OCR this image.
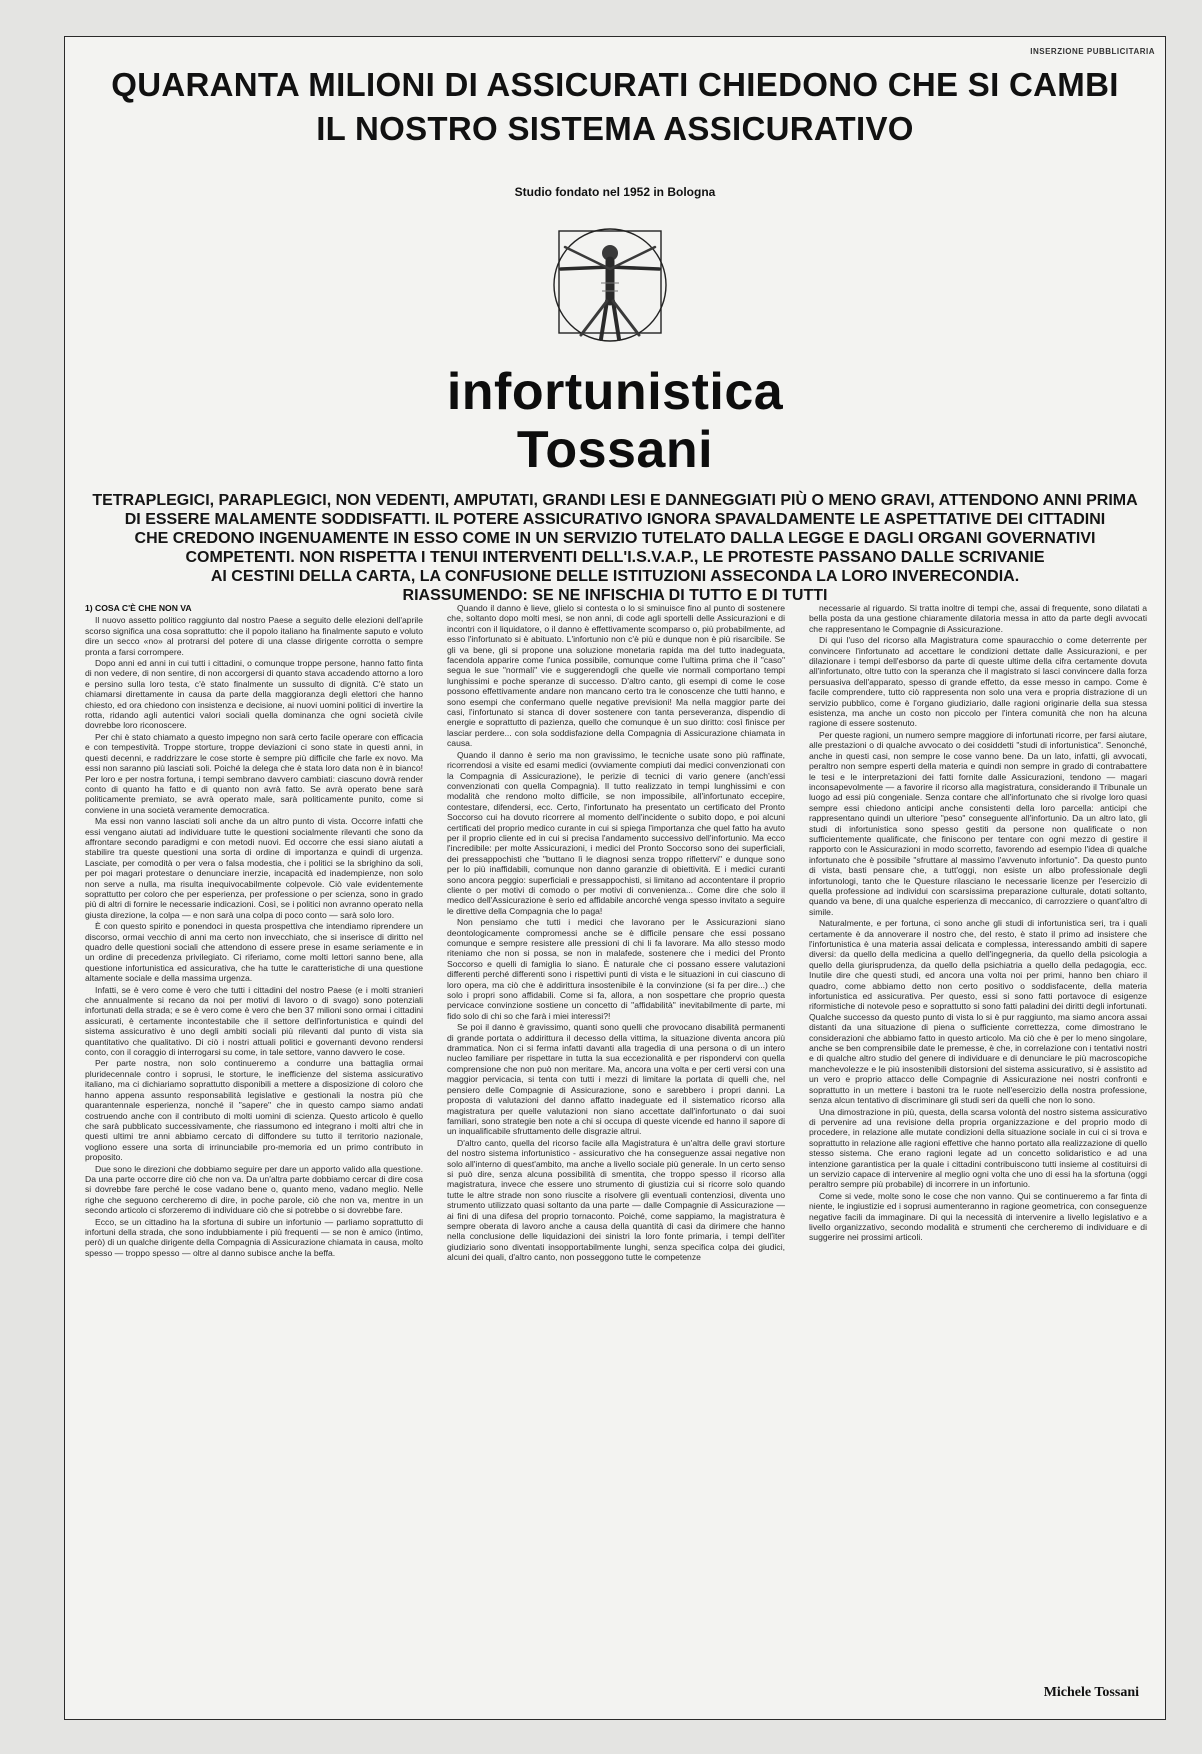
INSERZIONE PUBBLICITARIA
QUARANTA MILIONI DI ASSICURATI CHIEDONO CHE SI CAMBI
IL NOSTRO SISTEMA ASSICURATIVO
Studio fondato nel 1952 in Bologna
infortunistica
Tossani

TETRAPLEGICI, PARAPLEGICI, NON VEDENTI, AMPUTATI, GRANDI LESI E DANNEGGIATI PIÙ O MENO GRAVI, ATTENDONO ANNI PRIMA

DI ESSERE MALAMENTE SODDISFATTI. IL POTERE ASSICURATIVO IGNORA SPAVALDAMENTE LE ASPETTATIVE DEI CITTADINI

CHE CREDONO INGENUAMENTE IN ESSO COME IN UN SERVIZIO TUTELATO DALLA LEGGE E DAGLI ORGANI GOVERNATIVI

COMPETENTI. NON RISPETTA I TENUI INTERVENTI DELL'I.S.V.A.P., LE PROTESTE PASSANO DALLE SCRIVANIE

AI CESTINI DELLA CARTA, LA CONFUSIONE DELLE ISTITUZIONI ASSECONDA LA LORO INVERECONDIA.

RIASSUMENDO: SE NE INFISCHIA DI TUTTO E DI TUTTI

1) COSA C'È CHE NON VA

Il nuovo assetto politico raggiunto dal nostro Paese a seguito delle elezioni dell'aprile scorso significa una cosa soprattutto: che il popolo italiano ha finalmente saputo e voluto dire un secco «no» al protrarsi del potere di una classe dirigente corrotta o sempre pronta a farsi corrompere.

Dopo anni ed anni in cui tutti i cittadini, o comunque troppe persone, hanno fatto finta di non vedere, di non sentire, di non accorgersi di quanto stava accadendo attorno a loro e persino sulla loro testa, c'è stato finalmente un sussulto di dignità. C'è stato un chiamarsi direttamente in causa da parte della maggioranza degli elettori che hanno chiesto, ed ora chiedono con insistenza e decisione, ai nuovi uomini politici di invertire la rotta, ridando agli autentici valori sociali quella dominanza che ogni società civile dovrebbe loro riconoscere.

Per chi è stato chiamato a questo impegno non sarà certo facile operare con efficacia e con tempestività. Troppe storture, troppe deviazioni ci sono state in questi anni, in questi decenni, e raddrizzare le cose storte è sempre più difficile che farle ex novo. Ma essi non saranno più lasciati soli. Poiché la delega che è stata loro data non è in bianco! Per loro e per nostra fortuna, i tempi sembrano davvero cambiati: ciascuno dovrà render conto di quanto ha fatto e di quanto non avrà fatto. Se avrà operato bene sarà politicamente premiato, se avrà operato male, sarà politicamente punito, come si conviene in una società veramente democratica.

Ma essi non vanno lasciati soli anche da un altro punto di vista. Occorre infatti che essi vengano aiutati ad individuare tutte le questioni socialmente rilevanti che sono da affrontare secondo paradigmi e con metodi nuovi. Ed occorre che essi siano aiutati a stabilire tra queste questioni una sorta di ordine di importanza e quindi di urgenza. Lasciate, per comodità o per vera o falsa modestia, che i politici se la sbrighino da soli, per poi magari protestare o denunciare inerzie, incapacità ed inadempienze, non solo non serve a nulla, ma risulta inequivocabilmente colpevole. Ciò vale evidentemente soprattutto per coloro che per esperienza, per professione o per scienza, sono in grado più di altri di fornire le necessarie indicazioni. Così, se i politici non avranno operato nella giusta direzione, la colpa — e non sarà una colpa di poco conto — sarà solo loro.

È con questo spirito e ponendoci in questa prospettiva che intendiamo riprendere un discorso, ormai vecchio di anni ma certo non invecchiato, che si inserisce di diritto nel quadro delle questioni sociali che attendono di essere prese in esame seriamente e in un ordine di precedenza privilegiato. Ci riferiamo, come molti lettori sanno bene, alla questione infortunistica ed assicurativa, che ha tutte le caratteristiche di una questione altamente sociale e della massima urgenza.

Infatti, se è vero come è vero che tutti i cittadini del nostro Paese (e i molti stranieri che annualmente si recano da noi per motivi di lavoro o di svago) sono potenziali infortunati della strada; e se è vero come è vero che ben 37 milioni sono ormai i cittadini assicurati, è certamente incontestabile che il settore dell'infortunistica e quindi del sistema assicurativo è uno degli ambiti sociali più rilevanti dal punto di vista sia quantitativo che qualitativo. Di ciò i nostri attuali politici e governanti devono rendersi conto, con il coraggio di interrogarsi su come, in tale settore, vanno davvero le cose.

Per parte nostra, non solo continueremo a condurre una battaglia ormai pluridecennale contro i soprusi, le storture, le inefficienze del sistema assicurativo italiano, ma ci dichiariamo soprattutto disponibili a mettere a disposizione di coloro che hanno appena assunto responsabilità legislative e gestionali la nostra più che quarantennale esperienza, nonché il "sapere" che in questo campo siamo andati costruendo anche con il contributo di molti uomini di scienza. Questo articolo è quello che sarà pubblicato successivamente, che riassumono ed integrano i molti altri che in questi ultimi tre anni abbiamo cercato di diffondere su tutto il territorio nazionale, vogliono essere una sorta di irrinunciabile pro-memoria ed un primo contributo in proposito.

Due sono le direzioni che dobbiamo seguire per dare un apporto valido alla questione. Da una parte occorre dire ciò che non va. Da un'altra parte dobbiamo cercar di dire cosa si dovrebbe fare perché le cose vadano bene o, quanto meno, vadano meglio. Nelle righe che seguono cercheremo di dire, in poche parole, ciò che non va, mentre in un secondo articolo ci sforzeremo di individuare ciò che si potrebbe o si dovrebbe fare.

Ecco, se un cittadino ha la sfortuna di subire un infortunio — parliamo soprattutto di infortuni della strada, che sono indubbiamente i più frequenti — se non è amico (intimo, però) di un qualche dirigente della Compagnia di Assicurazione chiamata in causa, molto spesso — troppo spesso — oltre al danno subisce anche la beffa.

Quando il danno è lieve, glielo si contesta o lo si sminuisce fino al punto di sostenere che, soltanto dopo molti mesi, se non anni, di code agli sportelli delle Assicurazioni e di incontri con il liquidatore, o il danno è effettivamente scomparso o, più probabilmente, ad esso l'infortunato si è abituato. L'infortunio non c'è più e dunque non è più risarcibile. Se gli va bene, gli si propone una soluzione monetaria rapida ma del tutto inadeguata, facendola apparire come l'unica possibile, comunque come l'ultima prima che il "caso" segua le sue "normali" vie e suggerendogli che quelle vie normali comportano tempi lunghissimi e poche speranze di successo. D'altro canto, gli esempi di come le cose possono effettivamente andare non mancano certo tra le conoscenze che tutti hanno, e sono esempi che confermano quelle negative previsioni! Ma nella maggior parte dei casi, l'infortunato si stanca di dover sostenere con tanta perseveranza, dispendio di energie e soprattutto di pazienza, quello che comunque è un suo diritto: così finisce per lasciar perdere... con sola soddisfazione della Compagnia di Assicurazione chiamata in causa.

Quando il danno è serio ma non gravissimo, le tecniche usate sono più raffinate, ricorrendosi a visite ed esami medici (ovviamente compiuti dai medici convenzionati con la Compagnia di Assicurazione), le perizie di tecnici di vario genere (anch'essi convenzionati con quella Compagnia). Il tutto realizzato in tempi lunghissimi e con modalità che rendono molto difficile, se non impossibile, all'infortunato eccepire, contestare, difendersi, ecc. Certo, l'infortunato ha presentato un certificato del Pronto Soccorso cui ha dovuto ricorrere al momento dell'incidente o subito dopo, e poi alcuni certificati del proprio medico curante in cui si spiega l'importanza che quel fatto ha avuto per il proprio cliente ed in cui si precisa l'andamento successivo dell'infortunio. Ma ecco l'incredibile: per molte Assicurazioni, i medici del Pronto Soccorso sono dei superficiali, dei pressappochisti che "buttano lì le diagnosi senza troppo riflettervi" e dunque sono per lo più inaffidabili, comunque non danno garanzie di obiettività. E i medici curanti sono ancora peggio: superficiali e pressappochisti, si limitano ad accontentare il proprio cliente o per motivi di comodo o per motivi di convenienza... Come dire che solo il medico dell'Assicurazione è serio ed affidabile ancorché venga spesso invitato a seguire le direttive della Compagnia che lo paga!

Non pensiamo che tutti i medici che lavorano per le Assicurazioni siano deontologicamente compromessi anche se è difficile pensare che essi possano comunque e sempre resistere alle pressioni di chi li fa lavorare. Ma allo stesso modo riteniamo che non si possa, se non in malafede, sostenere che i medici del Pronto Soccorso e quelli di famiglia lo siano. È naturale che ci possano essere valutazioni differenti perché differenti sono i rispettivi punti di vista e le situazioni in cui ciascuno di loro opera, ma ciò che è addirittura insostenibile è la convinzione (si fa per dire...) che solo i propri sono affidabili. Come si fa, allora, a non sospettare che proprio questa pervicace convinzione sostiene un concetto di "affidabilità" inevitabilmente di parte, mi fido solo di chi so che farà i miei interessi?!

Se poi il danno è gravissimo, quanti sono quelli che provocano disabilità permanenti di grande portata o addirittura il decesso della vittima, la situazione diventa ancora più drammatica. Non ci si ferma infatti davanti alla tragedia di una persona o di un intero nucleo familiare per rispettare in tutta la sua eccezionalità e per rispondervi con quella comprensione che non può non meritare. Ma, ancora una volta e per certi versi con una maggior pervicacia, si tenta con tutti i mezzi di limitare la portata di quelli che, nel pensiero delle Compagnie di Assicurazione, sono e sarebbero i propri danni. La proposta di valutazioni del danno affatto inadeguate ed il sistematico ricorso alla magistratura per quelle valutazioni non siano accettate dall'infortunato o dai suoi familiari, sono strategie ben note a chi si occupa di queste vicende ed hanno il sapore di un inqualificabile sfruttamento delle disgrazie altrui.

D'altro canto, quella del ricorso facile alla Magistratura è un'altra delle gravi storture del nostro sistema infortunistico - assicurativo che ha conseguenze assai negative non solo all'interno di quest'ambito, ma anche a livello sociale più generale. In un certo senso si può dire, senza alcuna possibilità di smentita, che troppo spesso il ricorso alla magistratura, invece che essere uno strumento di giustizia cui si ricorre solo quando tutte le altre strade non sono riuscite a risolvere gli eventuali contenziosi, diventa uno strumento utilizzato quasi soltanto da una parte — dalle Compagnie di Assicurazione — ai fini di una difesa del proprio tornaconto. Poiché, come sappiamo, la magistratura è sempre oberata di lavoro anche a causa della quantità di casi da dirimere che hanno nella conclusione delle liquidazioni dei sinistri la loro fonte primaria, i tempi dell'iter giudiziario sono diventati insopportabilmente lunghi, senza specifica colpa dei giudici, alcuni dei quali, d'altro canto, non posseggono tutte le competenze

necessarie al riguardo. Si tratta inoltre di tempi che, assai di frequente, sono dilatati a bella posta da una gestione chiaramente dilatoria messa in atto da parte degli avvocati che rappresentano le Compagnie di Assicurazione.

Di qui l'uso del ricorso alla Magistratura come spauracchio o come deterrente per convincere l'infortunato ad accettare le condizioni dettate dalle Assicurazioni, e per dilazionare i tempi dell'esborso da parte di queste ultime della cifra certamente dovuta all'infortunato, oltre tutto con la speranza che il magistrato si lasci convincere dalla forza persuasiva dell'apparato, spesso di grande effetto, da esse messo in campo. Come è facile comprendere, tutto ciò rappresenta non solo una vera e propria distrazione di un servizio pubblico, come è l'organo giudiziario, dalle ragioni originarie della sua stessa esistenza, ma anche un costo non piccolo per l'intera comunità che non ha alcuna ragione di essere sostenuto.

Per queste ragioni, un numero sempre maggiore di infortunati ricorre, per farsi aiutare, alle prestazioni o di qualche avvocato o dei cosiddetti "studi di infortunistica". Senonché, anche in questi casi, non sempre le cose vanno bene. Da un lato, infatti, gli avvocati, peraltro non sempre esperti della materia e quindi non sempre in grado di contrabattere le tesi e le interpretazioni dei fatti fornite dalle Assicurazioni, tendono — magari inconsapevolmente — a favorire il ricorso alla magistratura, considerando il Tribunale un luogo ad essi più congeniale. Senza contare che all'infortunato che si rivolge loro quasi sempre essi chiedono anticipi anche consistenti della loro parcella: anticipi che rappresentano quindi un ulteriore "peso" conseguente all'infortunio. Da un altro lato, gli studi di infortunistica sono spesso gestiti da persone non qualificate o non sufficientemente qualificate, che finiscono per tentare con ogni mezzo di gestire il rapporto con le Assicurazioni in modo scorretto, favorendo ad esempio l'idea di qualche infortunato che è possibile "sfruttare al massimo l'avvenuto infortunio". Da questo punto di vista, basti pensare che, a tutt'oggi, non esiste un albo professionale degli infortunologi, tanto che le Questure rilasciano le necessarie licenze per l'esercizio di quella professione ad individui con scarsissima preparazione culturale, dotati soltanto, quando va bene, di una qualche esperienza di meccanico, di carrozziere o quant'altro di simile.

Naturalmente, e per fortuna, ci sono anche gli studi di infortunistica seri, tra i quali certamente è da annoverare il nostro che, del resto, è stato il primo ad insistere che l'infortunistica è una materia assai delicata e complessa, interessando ambiti di sapere diversi: da quello della medicina a quello dell'ingegneria, da quello della psicologia a quello della giurisprudenza, da quello della psichiatria a quello della pedagogia, ecc. Inutile dire che questi studi, ed ancora una volta noi per primi, hanno ben chiaro il quadro, come abbiamo detto non certo positivo o soddisfacente, della materia infortunistica ed assicurativa. Per questo, essi si sono fatti portavoce di esigenze riformistiche di notevole peso e soprattutto si sono fatti paladini dei diritti degli infortunati. Qualche successo da questo punto di vista lo si è pur raggiunto, ma siamo ancora assai distanti da una situazione di piena o sufficiente correttezza, come dimostrano le considerazioni che abbiamo fatto in questo articolo. Ma ciò che è per lo meno singolare, anche se ben comprensibile date le premesse, è che, in correlazione con i tentativi nostri e di qualche altro studio del genere di individuare e di denunciare le più macroscopiche manchevolezze e le più insostenibili distorsioni del sistema assicurativo, si è assistito ad un vero e proprio attacco delle Compagnie di Assicurazione nei nostri confronti e soprattutto in un mettere i bastoni tra le ruote nell'esercizio della nostra professione, senza alcun tentativo di discriminare gli studi seri da quelli che non lo sono.

Una dimostrazione in più, questa, della scarsa volontà del nostro sistema assicurativo di pervenire ad una revisione della propria organizzazione e del proprio modo di procedere, in relazione alle mutate condizioni della situazione sociale in cui ci si trova e soprattutto in relazione alle ragioni effettive che hanno portato alla realizzazione di quello stesso sistema. Che erano ragioni legate ad un concetto solidaristico e ad una intenzione garantistica per la quale i cittadini contribuiscono tutti insieme al costituirsi di un servizio capace di intervenire al meglio ogni volta che uno di essi ha la sfortuna (oggi peraltro sempre più probabile) di incorrere in un infortunio.

Come si vede, molte sono le cose che non vanno. Qui se continueremo a far finta di niente, le ingiustizie ed i soprusi aumenteranno in ragione geometrica, con conseguenze negative facili da immaginare. Di qui la necessità di intervenire a livello legislativo e a livello organizzativo, secondo modalità e strumenti che cercheremo di individuare e di suggerire nei prossimi articoli.

Michele Tossani
